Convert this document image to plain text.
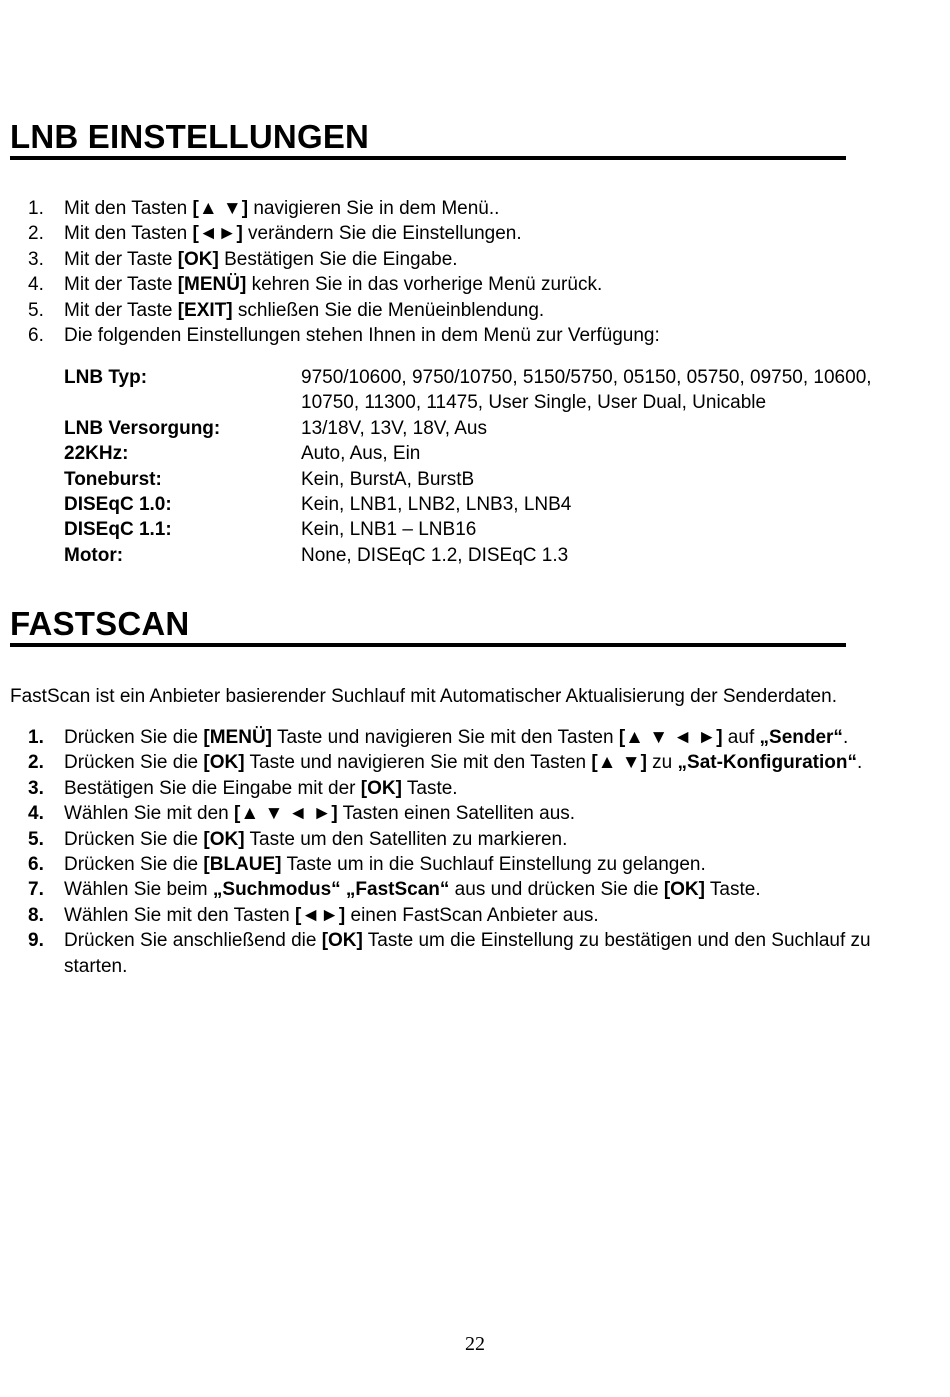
LNB EINSTELLUNGEN
1. Mit den Tasten [▲ ▼] navigieren Sie in dem Menü..
2. Mit den Tasten [◄►] verändern Sie die Einstellungen.
3. Mit der Taste [OK] Bestätigen Sie die Eingabe.
4. Mit der Taste [MENÜ] kehren Sie in das vorherige Menü zurück.
5. Mit der Taste [EXIT] schließen Sie die Menüeinblendung.
6. Die folgenden Einstellungen stehen Ihnen in dem Menü zur Verfügung:
LNB Typ:	9750/10600, 9750/10750, 5150/5750, 05150, 05750, 09750, 10600, 10750, 11300, 11475, User Single, User Dual, Unicable
LNB Versorgung:	13/18V, 13V, 18V, Aus
22KHz:	Auto, Aus, Ein
Toneburst:	Kein, BurstA, BurstB
DISEqC 1.0:	Kein, LNB1, LNB2, LNB3, LNB4
DISEqC 1.1:	Kein, LNB1 – LNB16
Motor:	None, DISEqC 1.2, DISEqC 1.3
FASTSCAN
FastScan ist ein Anbieter basierender Suchlauf mit Automatischer Aktualisierung der Senderdaten.
1. Drücken Sie die [MENÜ] Taste und navigieren Sie mit den Tasten [▲ ▼ ◄ ►] auf „Sender“.
2. Drücken Sie die [OK] Taste und navigieren Sie mit den Tasten [▲ ▼] zu „Sat-Konfiguration“.
3. Bestätigen Sie die Eingabe mit der [OK] Taste.
4. Wählen Sie mit den [▲ ▼ ◄ ►] Tasten einen Satelliten aus.
5. Drücken Sie die [OK] Taste um den Satelliten zu markieren.
6. Drücken Sie die [BLAUE] Taste um in die Suchlauf Einstellung zu gelangen.
7. Wählen Sie beim „Suchmodus“ „FastScan“ aus und drücken Sie die [OK] Taste.
8. Wählen Sie mit den Tasten [◄►] einen FastScan Anbieter aus.
9. Drücken Sie anschließend die [OK] Taste um die Einstellung zu bestätigen und den Suchlauf zu starten.
22
